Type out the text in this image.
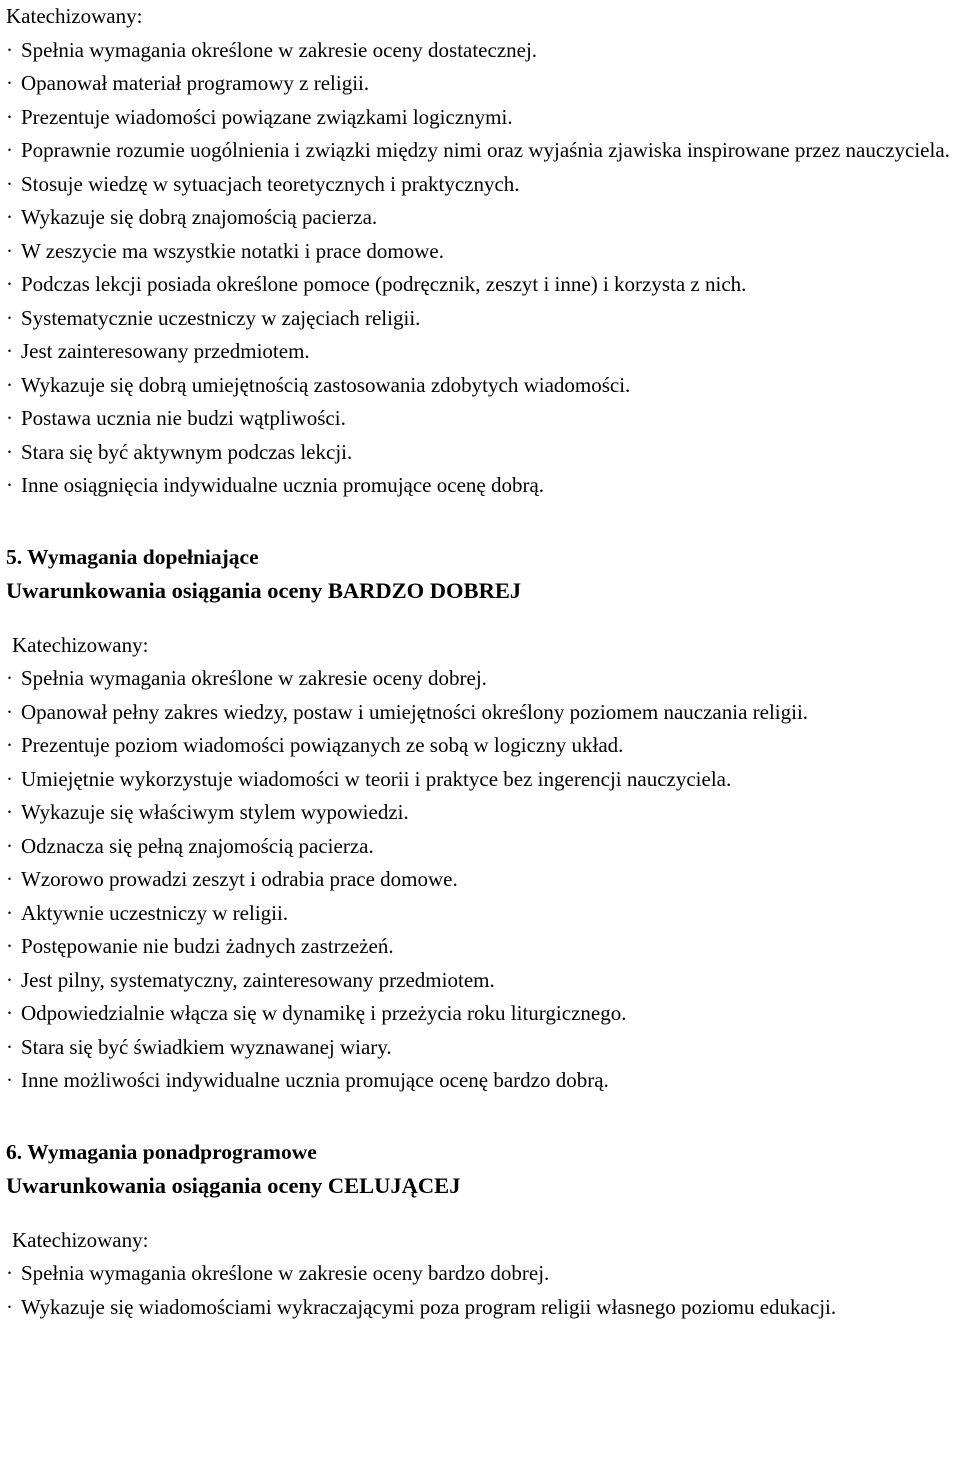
Katechizowany:

· Spełnia wymagania określone w zakresie oceny dostatecznej.
· Opanował materiał programowy z religii.
· Prezentuje wiadomości powiązane związkami logicznymi.
· Poprawnie rozumie uogólnienia i związki między nimi oraz wyjaśnia zjawiska inspirowane przez nauczyciela.
· Stosuje wiedzę w sytuacjach teoretycznych i praktycznych.
· Wykazuje się dobrą znajomością pacierza.
· W zeszycie ma wszystkie notatki i prace domowe.
· Podczas lekcji posiada określone pomoce (podręcznik, zeszyt i inne) i korzysta z nich.
· Systematycznie uczestniczy w zajęciach religii.
· Jest zainteresowany przedmiotem.
· Wykazuje się dobrą umiejętnością zastosowania zdobytych wiadomości.
· Postawa ucznia nie budzi wątpliwości.
· Stara się być aktywnym podczas lekcji.
· Inne osiągnięcia indywidualne ucznia promujące ocenę dobrą.

5. Wymagania dopełniające

Uwarunkowania osiągania oceny BARDZO DOBREJ

Katechizowany:

· Spełnia wymagania określone w zakresie oceny dobrej.
· Opanował pełny zakres wiedzy, postaw i umiejętności określony poziomem nauczania religii.
· Prezentuje poziom wiadomości powiązanych ze sobą w logiczny układ.
· Umiejętnie wykorzystuje wiadomości w teorii i praktyce bez ingerencji nauczyciela.
· Wykazuje się właściwym stylem wypowiedzi.
· Odznacza się pełną znajomością pacierza.
· Wzorowo prowadzi zeszyt i odrabia prace domowe.
· Aktywnie uczestniczy w religii.
· Postępowanie nie budzi żadnych zastrzeżeń.
· Jest pilny, systematyczny, zainteresowany przedmiotem.
· Odpowiedzialnie włącza się w dynamikę i przeżycia roku liturgicznego.
· Stara się być świadkiem wyznawanej wiary.
· Inne możliwości indywidualne ucznia promujące ocenę bardzo dobrą.

6. Wymagania ponadprogramowe

Uwarunkowania osiągania oceny CELUJĄCEJ

Katechizowany:

· Spełnia wymagania określone w zakresie oceny bardzo dobrej.
· Wykazuje się wiadomościami wykraczającymi poza program religii własnego poziomu edukacji.
